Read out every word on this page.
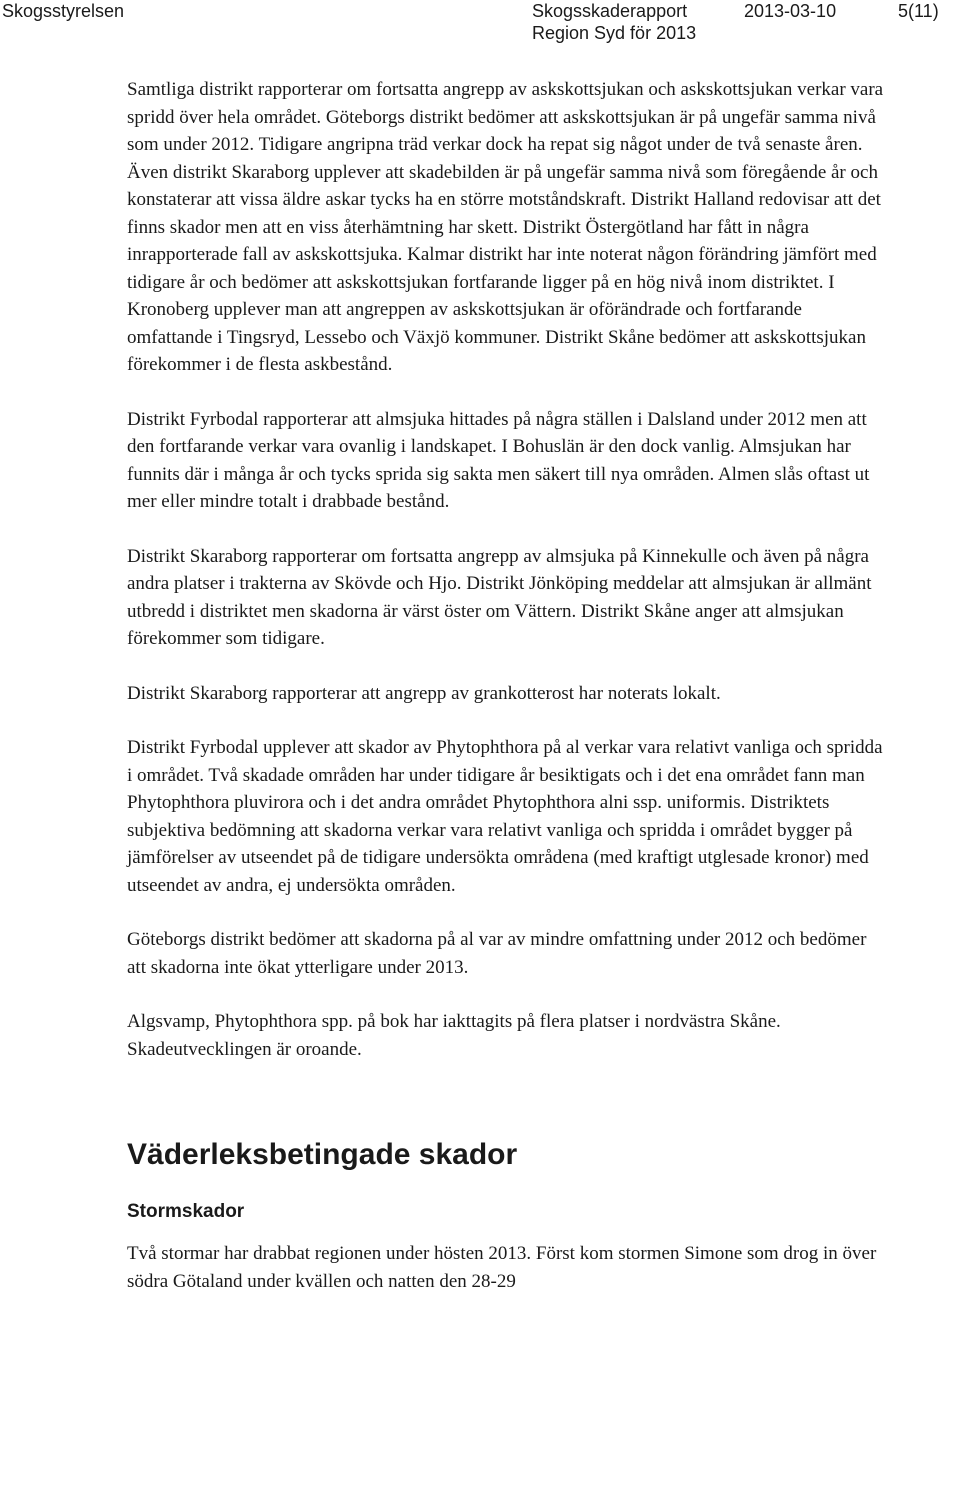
Skogsstyrelsen	Skogsskaderapport
Region Syd för 2013
2013-03-10	5(11)

Samtliga distrikt rapporterar om fortsatta angrepp av askskottsjukan och askskottsjukan verkar vara spridd över hela området. Göteborgs distrikt bedömer att askskottsjukan är på ungefär samma nivå som under 2012. Tidigare angripna träd verkar dock ha repat sig något under de två senaste åren. Även distrikt Skaraborg upplever att skadebilden är på ungefär samma nivå som föregående år och konstaterar att vissa äldre askar tycks ha en större motståndskraft. Distrikt Halland redovisar att det finns skador men att en viss återhämtning har skett. Distrikt Östergötland har fått in några inrapporterade fall av askskottsjuka. Kalmar distrikt har inte noterat någon förändring jämfört med tidigare år och bedömer att askskottsjukan fortfarande ligger på en hög nivå inom distriktet. I Kronoberg upplever man att angreppen av askskottsjukan är oförändrade och fortfarande omfattande i Tingsryd, Lessebo och Växjö kommuner. Distrikt Skåne bedömer att askskottsjukan förekommer i de flesta askbestånd.

Distrikt Fyrbodal rapporterar att almsjuka hittades på några ställen i Dalsland under 2012 men att den fortfarande verkar vara ovanlig i landskapet. I Bohuslän är den dock vanlig. Almsjukan har funnits där i många år och tycks sprida sig sakta men säkert till nya områden. Almen slås oftast ut mer eller mindre totalt i drabbade bestånd.

Distrikt Skaraborg rapporterar om fortsatta angrepp av almsjuka på Kinnekulle och även på några andra platser i trakterna av Skövde och Hjo. Distrikt Jönköping meddelar att almsjukan är allmänt utbredd i distriktet men skadorna är värst öster om Vättern. Distrikt Skåne anger att almsjukan förekommer som tidigare.

Distrikt Skaraborg rapporterar att angrepp av grankotterost har noterats lokalt.

Distrikt Fyrbodal upplever att skador av Phytophthora på al verkar vara relativt vanliga och spridda i området. Två skadade områden har under tidigare år besiktigats och i det ena området fann man Phytophthora pluvirora och i det andra området Phytophthora alni ssp. uniformis. Distriktets subjektiva bedömning att skadorna verkar vara relativt vanliga och spridda i området bygger på jämförelser av utseendet på de tidigare undersökta områdena (med kraftigt utglesade kronor) med utseendet av andra, ej undersökta områden.

Göteborgs distrikt bedömer att skadorna på al var av mindre omfattning under 2012 och bedömer att skadorna inte ökat ytterligare under 2013.

Algsvamp, Phytophthora spp. på bok har iakttagits på flera platser i nordvästra Skåne. Skadeutvecklingen är oroande.

Väderleksbetingade skador
Stormskador

Två stormar har drabbat regionen under hösten 2013. Först kom stormen Simone som drog in över södra Götaland under kvällen och natten den 28-29
